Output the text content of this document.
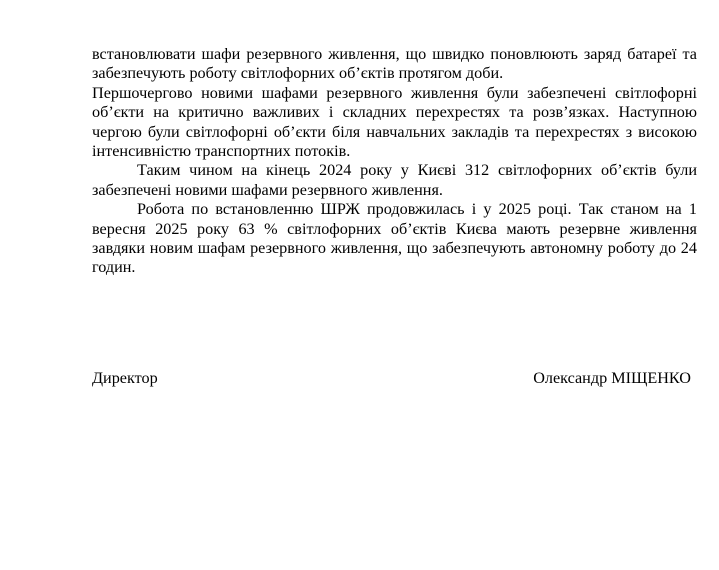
встановлювати шафи резервного живлення, що швидко поновлюють заряд батареї та забезпечують роботу світлофорних об’єктів протягом доби.

Першочергово новими шафами резервного живлення були забезпечені світлофорні об’єкти на критично важливих і складних перехрестях та розв’язках. Наступною чергою були світлофорні об’єкти біля навчальних закладів та перехрестях з високою інтенсивністю транспортних потоків.

Таким чином на кінець 2024 року у Києві 312 світлофорних об’єктів були забезпечені новими шафами резервного живлення.

Робота по встановленню ШРЖ продовжилась і у 2025 році. Так станом на 1 вересня 2025 року 63 % світлофорних об’єктів Києва мають резервне живлення завдяки новим шафам резервного живлення, що забезпечують автономну роботу до 24 годин.

Директор	Олександр МІЩЕНКО
